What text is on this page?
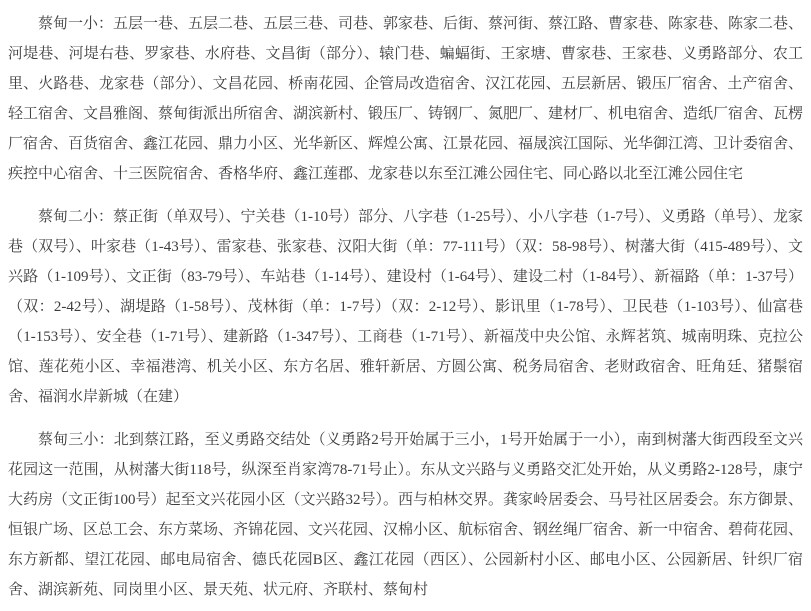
蔡甸一小：五层一巷、五层二巷、五层三巷、司巷、郭家巷、后街、蔡河街、蔡江路、曹家巷、陈家巷、陈家二巷、河堤巷、河堤右巷、罗家巷、水府巷、文昌街（部分）、辕门巷、蝙蝠街、王家塘、曹家巷、王家巷、义勇路部分、农工里、火路巷、龙家巷（部分）、文昌花园、桥南花园、企管局改造宿舍、汉江花园、五层新居、锻压厂宿舍、土产宿舍、轻工宿舍、文昌雅阁、蔡甸街派出所宿舍、湖滨新村、锻压厂、铸钢厂、氮肥厂、建材厂、机电宿舍、造纸厂宿舍、瓦楞厂宿舍、百货宿舍、鑫江花园、鼎力小区、光华新区、辉煌公寓、江景花园、福晟滨江国际、光华御江湾、卫计委宿舍、疾控中心宿舍、十三医院宿舍、香格华府、鑫江莲郡、龙家巷以东至江滩公园住宅、同心路以北至江滩公园住宅

蔡甸二小：蔡正街（单双号）、宁关巷（1-10号）部分、八字巷（1-25号）、小八字巷（1-7号）、义勇路（单号）、龙家巷（双号）、叶家巷（1-43号）、雷家巷、张家巷、汉阳大街（单：77-111号）（双：58-98号）、树藩大街（415-489号）、文兴路（1-109号）、文正街（83-79号）、车站巷（1-14号）、建设村（1-64号）、建设二村（1-84号）、新福路（单：1-37号）（双：2-42号）、湖堤路（1-58号）、茂林街（单：1-7号）（双：2-12号）、影讯里（1-78号）、卫民巷（1-103号）、仙富巷（1-153号）、安全巷（1-71号）、建新路（1-347号）、工商巷（1-71号）、新福茂中央公馆、永辉茗筑、城南明珠、克拉公馆、莲花苑小区、幸福港湾、机关小区、东方名居、雅轩新居、方圆公寓、税务局宿舍、老财政宿舍、旺角廷、猪鬃宿舍、福润水岸新城（在建）

蔡甸三小：北到蔡江路，至义勇路交结处（义勇路2号开始属于三小，1号开始属于一小），南到树藩大街西段至文兴花园这一范围，从树藩大街118号，纵深至肖家湾78-71号止）。东从文兴路与义勇路交汇处开始，从义勇路2-128号，康宁大药房（文正街100号）起至文兴花园小区（文兴路32号）。西与柏林交界。龚家岭居委会、马号社区居委会。东方御景、恒银广场、区总工会、东方菜场、齐锦花园、文兴花园、汉棉小区、航标宿舍、钢丝绳厂宿舍、新一中宿舍、碧荷花园、东方新都、望江花园、邮电局宿舍、德氏花园B区、鑫江花园（西区）、公园新村小区、邮电小区、公园新居、针织厂宿舍、湖滨新苑、同岗里小区、景天苑、状元府、齐联村、蔡甸村
